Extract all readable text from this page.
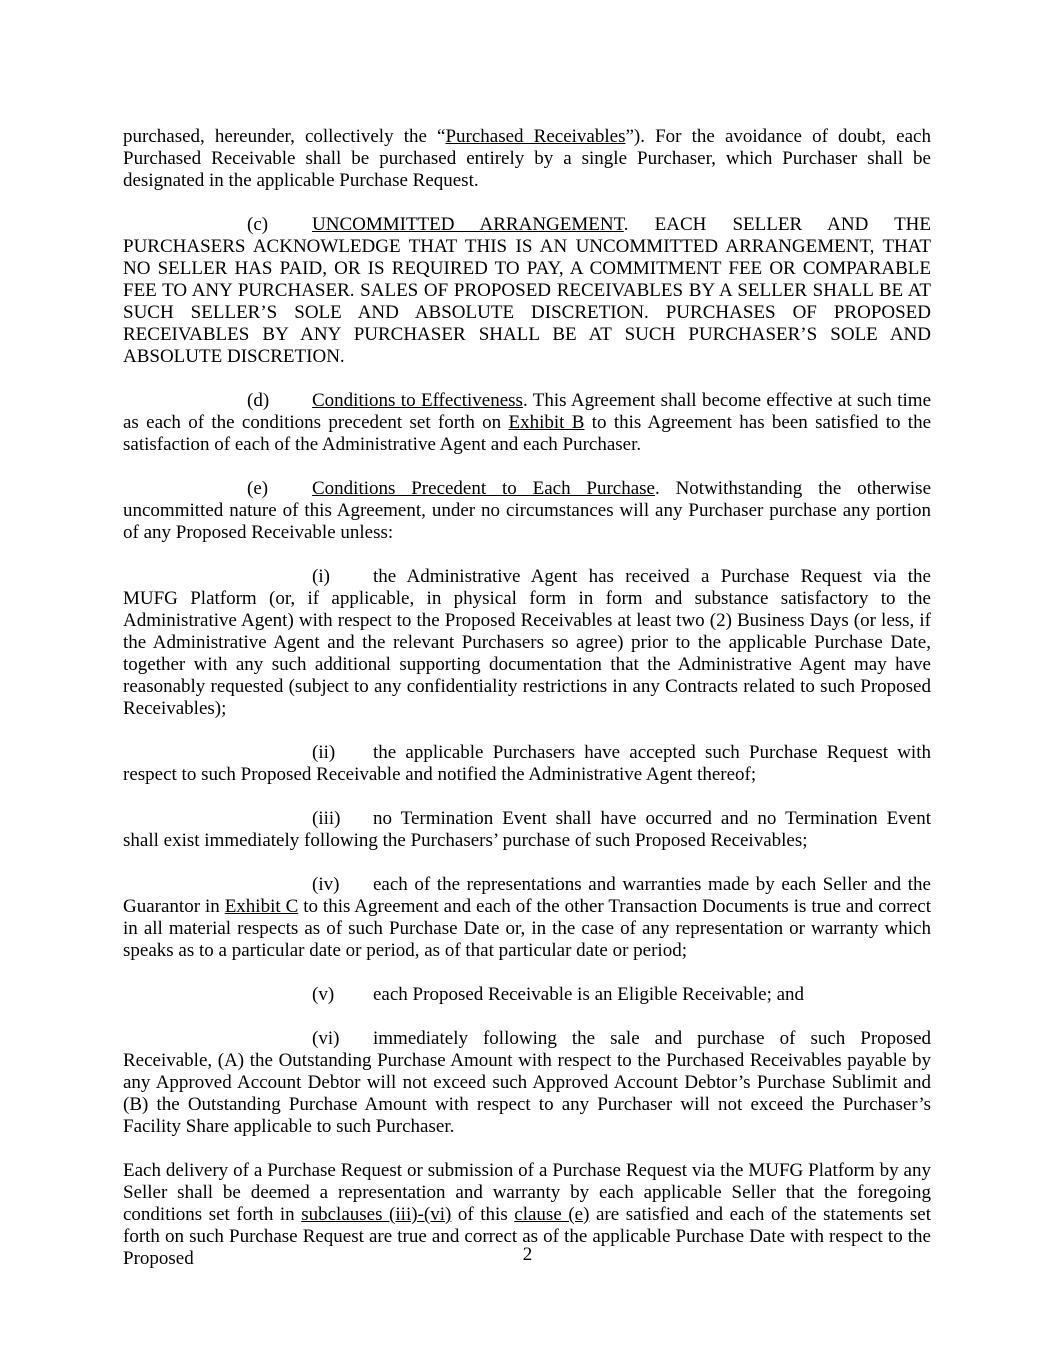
purchased, hereunder, collectively the “Purchased Receivables”). For the avoidance of doubt, each Purchased Receivable shall be purchased entirely by a single Purchaser, which Purchaser shall be designated in the applicable Purchase Request.

(c) UNCOMMITTED ARRANGEMENT. EACH SELLER AND THE PURCHASERS ACKNOWLEDGE THAT THIS IS AN UNCOMMITTED ARRANGEMENT, THAT NO SELLER HAS PAID, OR IS REQUIRED TO PAY, A COMMITMENT FEE OR COMPARABLE FEE TO ANY PURCHASER. SALES OF PROPOSED RECEIVABLES BY A SELLER SHALL BE AT SUCH SELLER’S SOLE AND ABSOLUTE DISCRETION. PURCHASES OF PROPOSED RECEIVABLES BY ANY PURCHASER SHALL BE AT SUCH PURCHASER’S SOLE AND ABSOLUTE DISCRETION.

(d) Conditions to Effectiveness. This Agreement shall become effective at such time as each of the conditions precedent set forth on Exhibit B to this Agreement has been satisfied to the satisfaction of each of the Administrative Agent and each Purchaser.

(e) Conditions Precedent to Each Purchase. Notwithstanding the otherwise uncommitted nature of this Agreement, under no circumstances will any Purchaser purchase any portion of any Proposed Receivable unless:

(i) the Administrative Agent has received a Purchase Request via the MUFG Platform (or, if applicable, in physical form in form and substance satisfactory to the Administrative Agent) with respect to the Proposed Receivables at least two (2) Business Days (or less, if the Administrative Agent and the relevant Purchasers so agree) prior to the applicable Purchase Date, together with any such additional supporting documentation that the Administrative Agent may have reasonably requested (subject to any confidentiality restrictions in any Contracts related to such Proposed Receivables);

(ii) the applicable Purchasers have accepted such Purchase Request with respect to such Proposed Receivable and notified the Administrative Agent thereof;

(iii) no Termination Event shall have occurred and no Termination Event shall exist immediately following the Purchasers’ purchase of such Proposed Receivables;

(iv) each of the representations and warranties made by each Seller and the Guarantor in Exhibit C to this Agreement and each of the other Transaction Documents is true and correct in all material respects as of such Purchase Date or, in the case of any representation or warranty which speaks as to a particular date or period, as of that particular date or period;

(v) each Proposed Receivable is an Eligible Receivable; and

(vi) immediately following the sale and purchase of such Proposed Receivable, (A) the Outstanding Purchase Amount with respect to the Purchased Receivables payable by any Approved Account Debtor will not exceed such Approved Account Debtor’s Purchase Sublimit and (B) the Outstanding Purchase Amount with respect to any Purchaser will not exceed the Purchaser’s Facility Share applicable to such Purchaser.

Each delivery of a Purchase Request or submission of a Purchase Request via the MUFG Platform by any Seller shall be deemed a representation and warranty by each applicable Seller that the foregoing conditions set forth in subclauses (iii)-(vi) of this clause (e) are satisfied and each of the statements set forth on such Purchase Request are true and correct as of the applicable Purchase Date with respect to the Proposed	2
